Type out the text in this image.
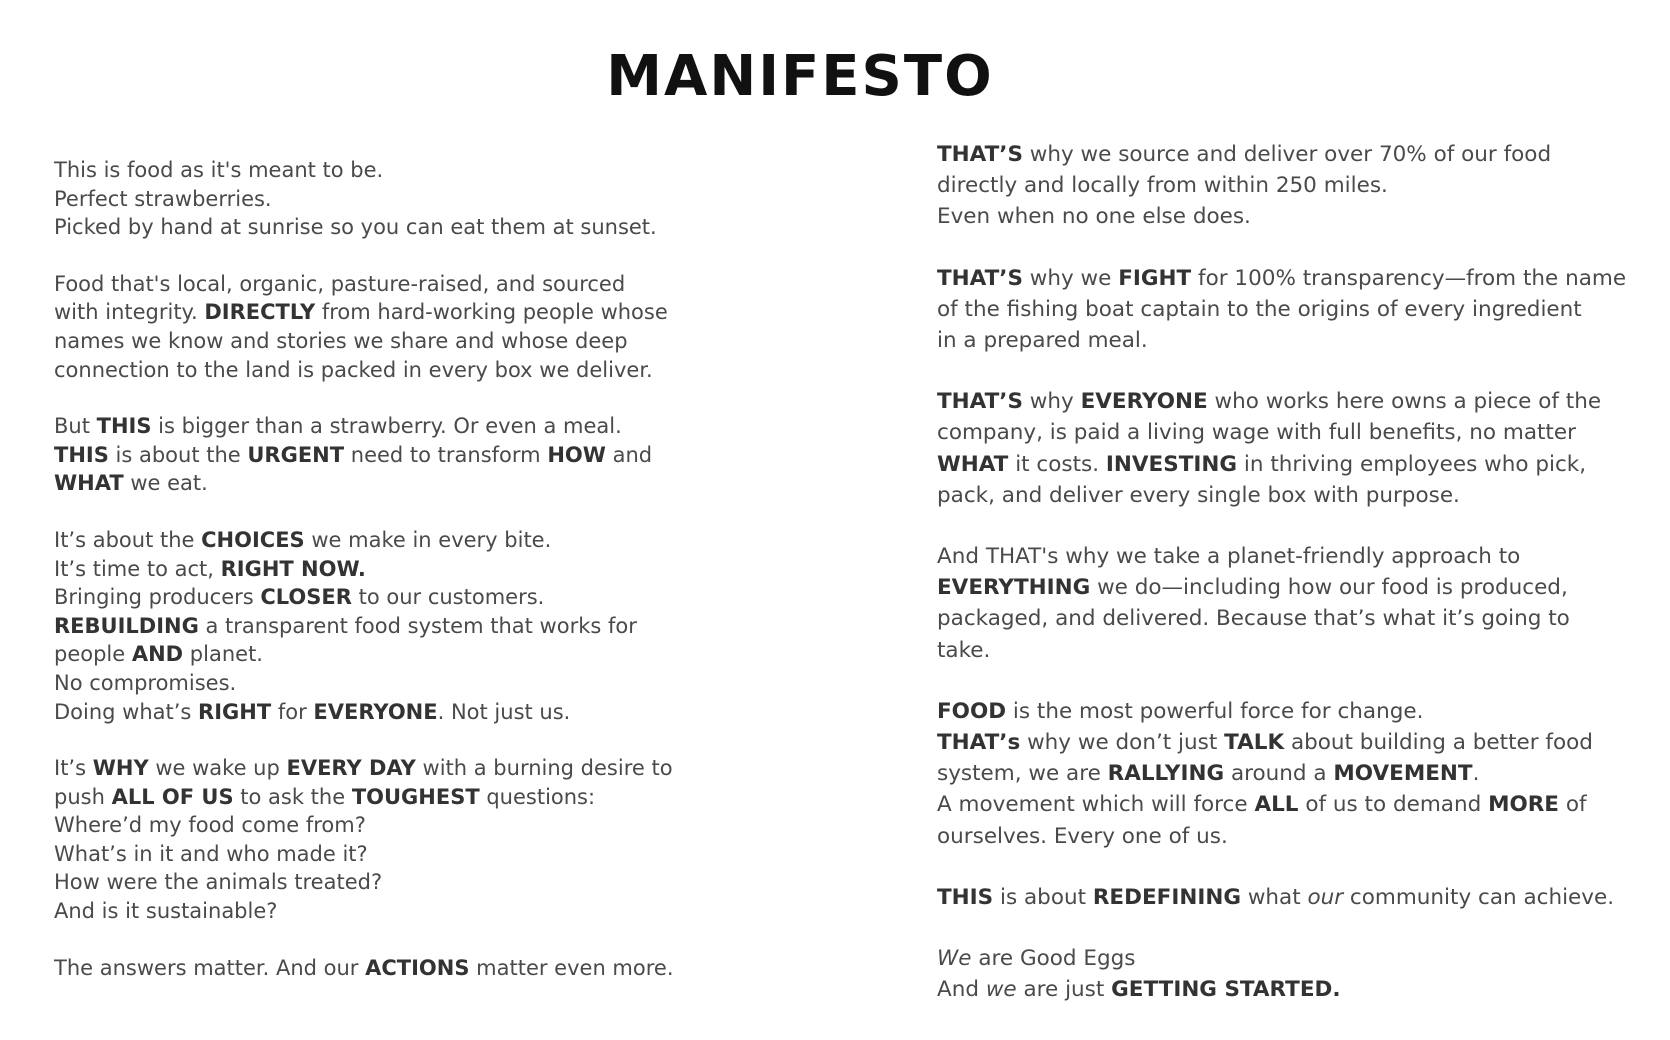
MANIFESTO

This is food as it's meant to be.
Perfect strawberries.
Picked by hand at sunrise so you can eat them at sunset.

Food that's local, organic, pasture-raised, and sourced
with integrity. DIRECTLY from hard-working people whose
names we know and stories we share and whose deep
connection to the land is packed in every box we deliver.

But THIS is bigger than a strawberry. Or even a meal.
THIS is about the URGENT need to transform HOW and
WHAT we eat.

It’s about the CHOICES we make in every bite.
It’s time to act, RIGHT NOW.
Bringing producers CLOSER to our customers.
REBUILDING a transparent food system that works for
people AND planet.
No compromises.
Doing what’s RIGHT for EVERYONE. Not just us.

It’s WHY we wake up EVERY DAY with a burning desire to
push ALL OF US to ask the TOUGHEST questions:
Where’d my food come from?
What’s in it and who made it?
How were the animals treated?
And is it sustainable?

The answers matter. And our ACTIONS matter even more.

THAT’S why we source and deliver over 70% of our food
directly and locally from within 250 miles.
Even when no one else does.

THAT’S why we FIGHT for 100% transparency—from the name
of the fishing boat captain to the origins of every ingredient
in a prepared meal.

THAT’S why EVERYONE who works here owns a piece of the
company, is paid a living wage with full benefits, no matter
WHAT it costs. INVESTING in thriving employees who pick,
pack, and deliver every single box with purpose.

And THAT's why we take a planet-friendly approach to
EVERYTHING we do—including how our food is produced,
packaged, and delivered. Because that’s what it’s going to
take.

FOOD is the most powerful force for change.
THAT’s why we don’t just TALK about building a better food
system, we are RALLYING around a MOVEMENT.
A movement which will force ALL of us to demand MORE of
ourselves. Every one of us.

THIS is about REDEFINING what our community can achieve.

We are Good Eggs
And we are just GETTING STARTED.
